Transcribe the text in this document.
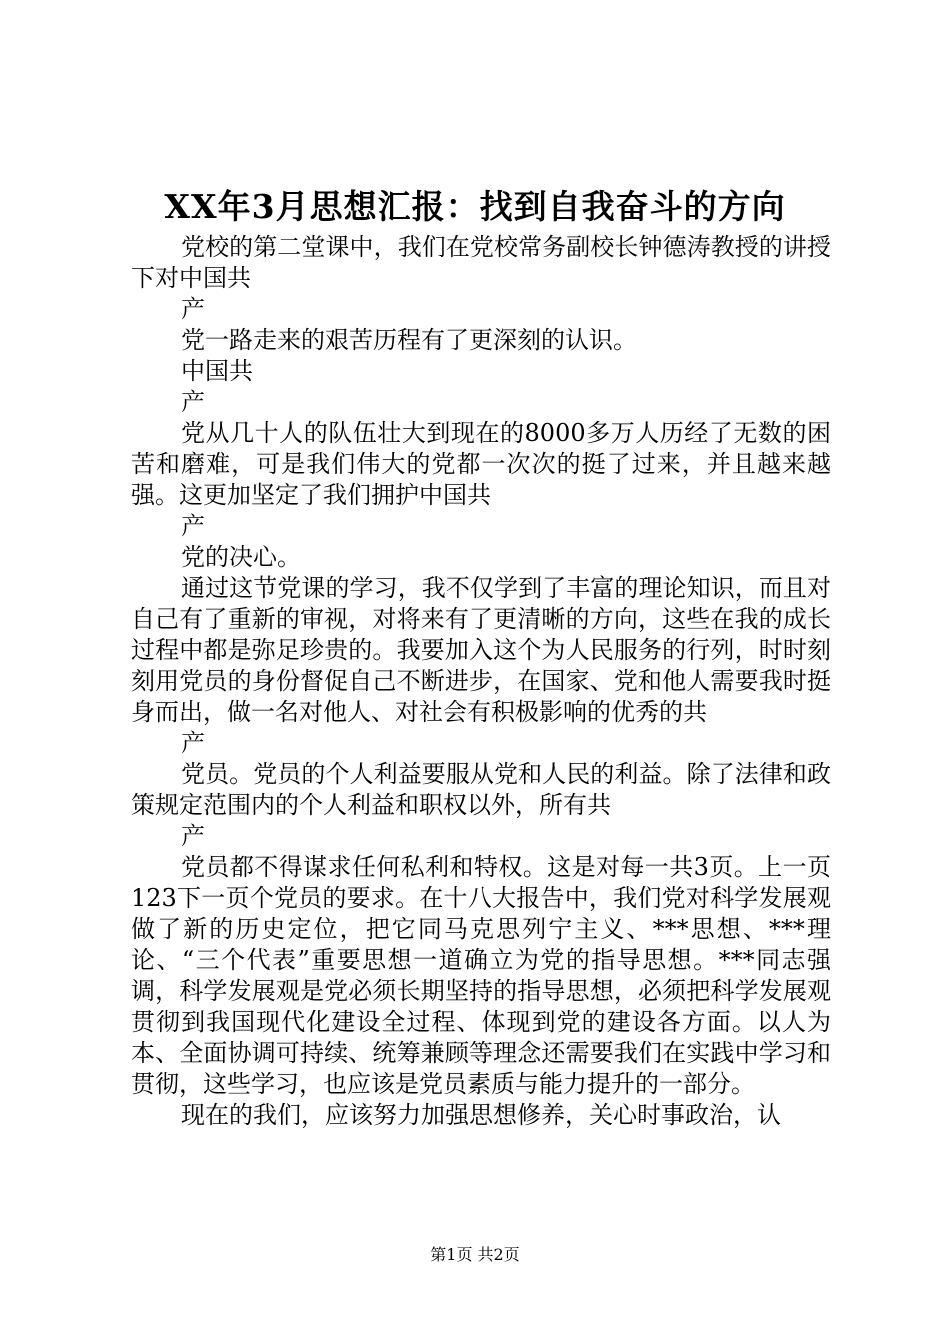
XX年3月思想汇报：找到自我奋斗的方向

党校的第二堂课中，我们在党校常务副校长钟德涛教授的讲授下对中国共

产

党一路走来的艰苦历程有了更深刻的认识。

中国共

产

党从几十人的队伍壮大到现在的8000多万人历经了无数的困苦和磨难，可是我们伟大的党都一次次的挺了过来，并且越来越强。这更加坚定了我们拥护中国共

产

党的决心。

通过这节党课的学习，我不仅学到了丰富的理论知识，而且对自己有了重新的审视，对将来有了更清晰的方向，这些在我的成长过程中都是弥足珍贵的。我要加入这个为人民服务的行列，时时刻刻用党员的身份督促自己不断进步，在国家、党和他人需要我时挺身而出，做一名对他人、对社会有积极影响的优秀的共

产

党员。党员的个人利益要服从党和人民的利益。除了法律和政策规定范围内的个人利益和职权以外，所有共

产

党员都不得谋求任何私利和特权。这是对每一共3页。上一页123下一页个党员的要求。在十八大报告中，我们党对科学发展观做了新的历史定位，把它同马克思列宁主义、***思想、***理论、“三个代表”重要思想一道确立为党的指导思想。***同志强调，科学发展观是党必须长期坚持的指导思想，必须把科学发展观贯彻到我国现代化建设全过程、体现到党的建设各方面。以人为本、全面协调可持续、统筹兼顾等理念还需要我们在实践中学习和贯彻，这些学习，也应该是党员素质与能力提升的一部分。

现在的我们，应该努力加强思想修养，关心时事政治，认

第1页 共2页
